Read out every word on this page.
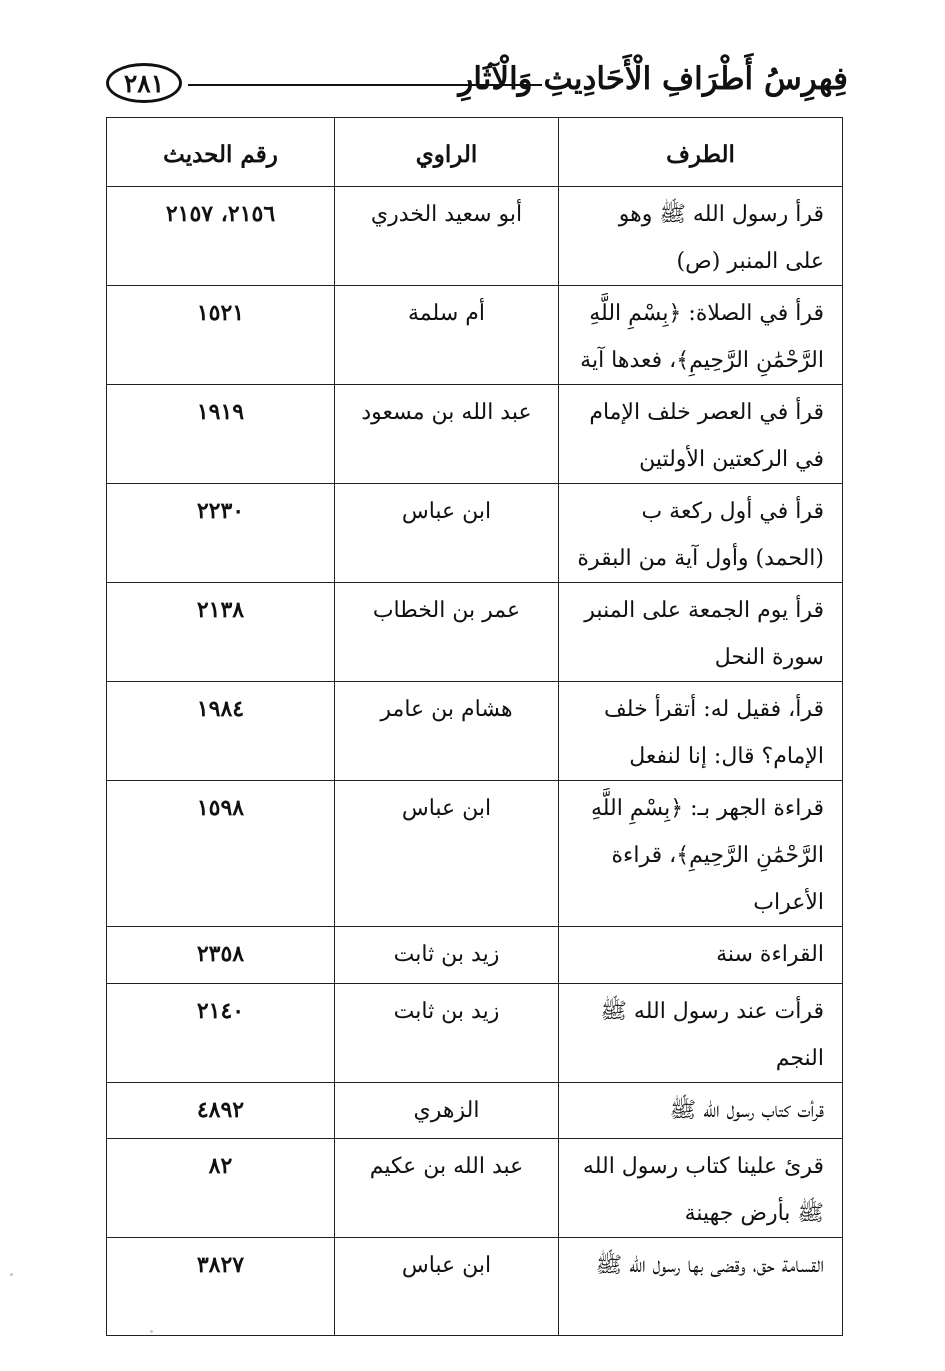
فِهرِسُ أَطْرَافِ الْأَحَادِيثِ وَالْآثَارِ
٢٨١
الطرف	الراوي	رقم الحديث
قرأ رسول الله ﷺ وهو على المنبر (ص)	أبو سعيد الخدري	٢١٥٦، ٢١٥٧
قرأ في الصلاة: ﴿بِسْمِ اللَّهِ الرَّحْمَٰنِ الرَّحِيمِ﴾، فعدها آية	أم سلمة	١٥٢١
قرأ في العصر خلف الإمام في الركعتين الأولتين	عبد الله بن مسعود	١٩١٩
قرأ في أول ركعة ب (الحمد) وأول آية من البقرة	ابن عباس	٢٢٣٠
قرأ يوم الجمعة على المنبر سورة النحل	عمر بن الخطاب	٢١٣٨
قرأ، فقيل له: أتقرأ خلف الإمام؟ قال: إنا لنفعل	هشام بن عامر	١٩٨٤
قراءة الجهر بـ: ﴿بِسْمِ اللَّهِ الرَّحْمَٰنِ الرَّحِيمِ﴾، قراءة الأعراب	ابن عباس	١٥٩٨
القراءة سنة	زيد بن ثابت	٢٣٥٨
قرأت عند رسول الله ﷺ النجم	زيد بن ثابت	٢١٤٠
قرأت كتاب رسول الله ﷺ	الزهري	٤٨٩٢
قرئ علينا كتاب رسول الله ﷺ بأرض جهينة	عبد الله بن عكيم	٨٢
القسامة حق، وقضى بها رسول الله ﷺ	ابن عباس	٣٨٢٧
